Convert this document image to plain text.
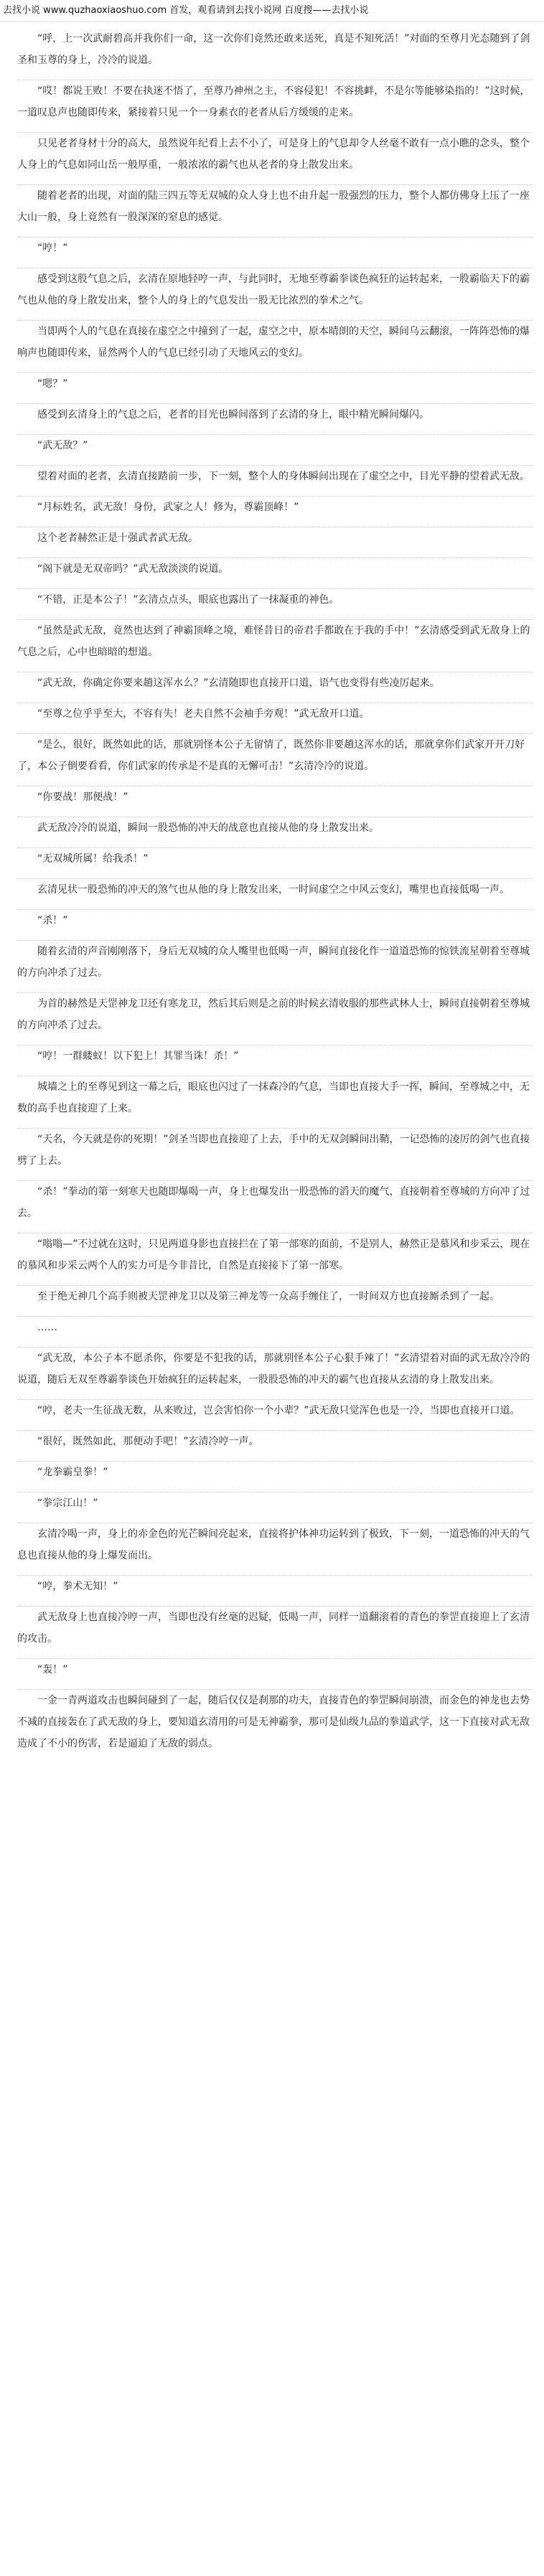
去找小说 www.quzhaoxiaoshuo.com 首发，观看请到去找小说网 百度搜——去找小说

“呼，上一次武耐碧高并我你们一命，这一次你们竟然还敢来送死，真是不知死活！”对面的至尊月光态随到了剑圣和玉尊的身上，冷冷的说道。

“哎！都说王败！不要在执迷不悟了，至尊乃神州之主，不容侵犯！不容挑衅，不是尔等能够染指的！”这时候，一道叹息声也随即传来，紧接着只见一个一身素衣的老者从后方缓缓的走来。

只见老者身材十分的高大，虽然说年纪看上去不小了，可是身上的气息却令人丝毫不敢有一点小瞧的念头，整个人身上的气息如同山岳一般厚重，一般浓浓的霸气也从老者的身上散发出来。

随着老者的出现，对面的陆三四五等无双城的众人身上也不由升起一股强烈的压力，整个人都仿佛身上压了一座大山一般，身上竟然有一股深深的窒息的感觉。

“哼！”

感受到这股气息之后，玄清在原地轻哼一声，与此同时，无地至尊霸拳谈色疯狂的运转起来，一股霸临天下的霸气也从他的身上散发出来，整个人的身上的气息发出一股无比浓烈的拳术之气。

当即两个人的气息在真接在虚空之中撞到了一起，虚空之中，原本晴朗的天空，瞬间乌云翻滚，一阵阵恐怖的爆响声也随即传来，显然两个人的气息已经引动了天地风云的变幻。

“嗯？”

感受到玄清身上的气息之后，老者的目光也瞬间落到了玄清的身上，眼中精光瞬间爆闪。

“武无敌？”

望着对面的老者，玄清直接踏前一步，下一刻，整个人的身体瞬间出现在了虚空之中，目光平静的望着武无敌。

“月标姓名，武无敌！身份，武家之人！修为，尊霸顶峰！”

这个老者赫然正是十强武者武无敌。

“阁下就是无双帝吗？”武无敌淡淡的说道。

“不错，正是本公子！”玄清点点头，眼底也露出了一抹凝重的神色。

“虽然是武无敌，竟然也达到了神霸顶峰之境，难怪昔日的帝君手都敢在于我的手中！”玄清感受到武无敌身上的气息之后，心中也暗暗的想道。

“武无敌，你确定你要来趟这浑水么？”玄清随即也直接开口道，语气也变得有些凌厉起来。

“至尊之位乎乎至大，不容有失！老夫自然不会袖手旁观！”武无敌开口道。

“是么，很好，既然如此的话，那就别怪本公子无留情了，既然你非要趟这浑水的话，那就拿你们武家开开刀好了，本公子倒要看看，你们武家的传承是不是真的无懈可击！”玄清冷冷的说道。

“你要战！那便战！”

武无敌冷冷的说道，瞬间一股恐怖的冲天的战意也直接从他的身上散发出来。

“无双城所属！给我杀！”

玄清见状一股恐怖的冲天的煞气也从他的身上散发出来，一时间虚空之中风云变幻，嘴里也直接低喝一声。

“杀！”

随着玄清的声音刚刚落下，身后无双城的众人嘴里也低喝一声，瞬间直接化作一道道恐怖的惊铁流星朝着至尊城的方向冲杀了过去。

为首的赫然是天罡神龙卫还有寒龙卫，然后其后则是之前的时候玄清收服的那些武林人士，瞬间直接朝着至尊城的方向冲杀了过去。

“哼！一群蝼蚁！以下犯上！其罪当诛！杀！”

城墙之上的至尊见到这一幕之后，眼底也闪过了一抹森冷的气息，当即也直接大手一挥，瞬间，至尊城之中，无数的高手也直接迎了上来。

“天名，今天就是你的死期！”剑圣当即也直接迎了上去，手中的无双剑瞬间出鞘，一记恐怖的凌厉的剑气也直接劈了上去。

“杀！”拳动的第一刻寒天也随即爆喝一声，身上也爆发出一股恐怖的滔天的魔气，直接朝着至尊城的方向冲了过去。

“嗡嗡—”不过就在这时，只见两道身影也直接拦在了第一部寒的面前，不是别人，赫然正是慕风和步采云，现在的慕风和步采云两个人的实力可是今非昔比，自然是直接接下了第一部寒。

至于绝无神几个高手则被天罡神龙卫以及第三神龙等一众高手缠住了，一时间双方也直接厮杀到了一起。

……

“武无敌，本公子本不愿杀你，你要是不犯我的话，那就别怪本公子心狠手辣了！”玄清望着对面的武无敌冷冷的说道，随后无双至尊霸拳谈色开始疯狂的运转起来，一股股恐怖的冲天的霸气也直接从玄清的身上散发出来。

“哼，老夫一生征战无数，从来败过，岂会害怕你一个小辈？”武无敌只觉浑色也是一冷，当即也直接开口道。

“很好，既然如此，那便动手吧！”玄清冷哼一声。

“龙拳霸皇拳！”

“拳宗江山！”

玄清冷喝一声，身上的赤金色的光芒瞬间亮起来，直接将护体神功运转到了极致，下一刻，一道恐怖的冲天的气息也直接从他的身上爆发而出。

“哼，拳术无知！”

武无敌身上也直接冷哼一声，当即也没有丝毫的迟疑，低喝一声，同样一道翻滚着的青色的拳罡直接迎上了玄清的攻击。

“轰！”

一金一青两道攻击也瞬间碰到了一起，随后仅仅是刹那的功夫，直接青色的拳罡瞬间崩溃，而金色的神龙也去势不减的直接轰在了武无敌的身上，要知道玄清用的可是无神霸拳，那可是仙级九品的拳道武学，这一下直接对武无敌造成了不小的伤害，若是逼迫了无敌的弱点。
